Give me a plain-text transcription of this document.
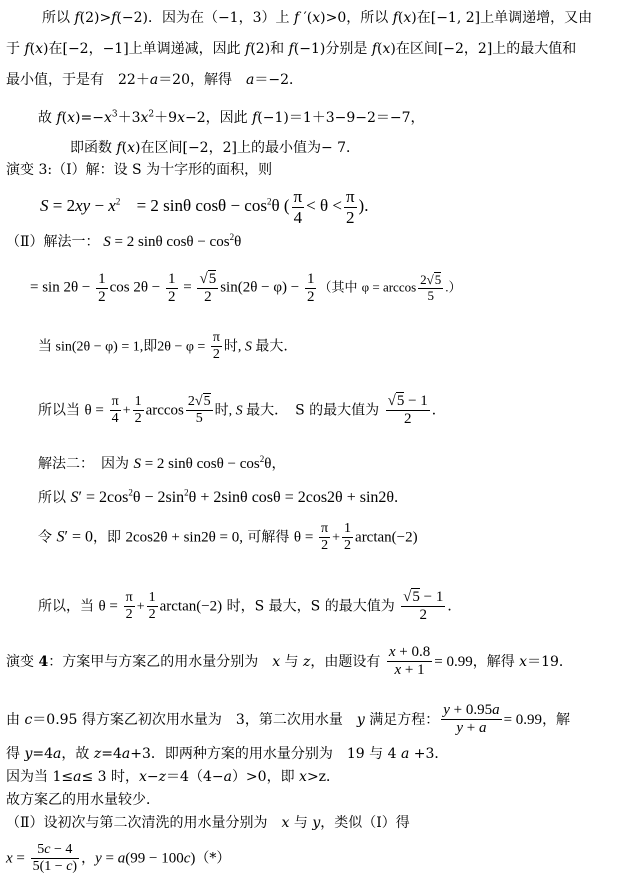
所以 f(2)>f(−2)．因为在（−1，3）上 f ′(x)>0，所以 f(x)在[−1, 2]上单调递增，又由
于 f(x)在[−2，−1]上单调递减，因此 f(2)和 f(−1)分别是 f(x)在区间[−2，2]上的最大值和
最小值，于是有　22＋a＝20，解得　a＝−2．
故 $f(x)=-x^3+3x^2+9x-2$，因此 f(−1)＝1＋3−9−2＝−7，
即函数 f(x)在区间[−2，2]上的最小值为− 7．
演变 3:（Ⅰ）解：设 S 为十字形的面积，则
$S = 2xy - x^2 = 2$ sinθ $\cos\theta - \cos^2\theta$ ( $\frac{\pi}{4} < \theta < \frac{\pi}{2}$ ).
（Ⅱ）解法一： S = 2 sinθ $\cos\theta - \cos^2\theta$
= $\sin 2\theta - \frac{1}{2}$ $\cos 2\theta - \frac{1}{2} = \frac{√5}{2} \sin(2\theta - \varphi) - \frac{1}{2}$ （其中 $\varphi = \arccos \frac{2√5}{5}$ .）
当 sin(2θ − φ) = 1,即$2\theta - \varphi = \frac{\pi}{2}$ 时, S 最大.
所以当 $\theta = \frac{\pi}{4} + \frac{1}{2}$ $\arccos \frac{2√5}{5}$ 时, S 最大．　S 的最大值为 $\frac{√5 - 1}{2}$ ．
解法二：　因为 S = 2 sinθ $\cos\theta - \cos^2\theta$，
所以 $S' = 2\cos^2\theta - 2\sin^2\theta + 2\sin\theta$ cosθ = 2cos2θ + sin2θ.
令 S′ = 0，即 2cos2θ + sin2θ = 0, 可解得 $\theta = \frac{\pi}{2} + \frac{1}{2} \arctan(-2)$
所以，当 $\theta = \frac{\pi}{2} + \frac{1}{2} \arctan(-2)$ 时，S 最大，S 的最大值为 $\frac{√5 - 1}{2}$ ．
演变 4：方案甲与方案乙的用水量分别为　x 与 z，由题设有 $\frac{x + 0.8}{x + 1} = 0.99$，解得 x＝19．
由 c＝0.95 得方案乙初次用水量为　3，第二次用水量　y 满足方程： $\frac{y + 0.95a}{y + a} = 0.99$，解
得 y=4a，故 z=4a+3．即两种方案的用水量分别为　19 与 4 a +3．
因为当 1≤a≤ 3 时，x−z＝4（4−a）>0，即 x>z．
故方案乙的用水量较少．
（Ⅱ）设初次与第二次清洗的用水量分别为　x 与 y，类似（Ⅰ）得
$x = \frac{5c - 4}{5(1 - c)}$ ，y = a(99 − 100c)（*）
